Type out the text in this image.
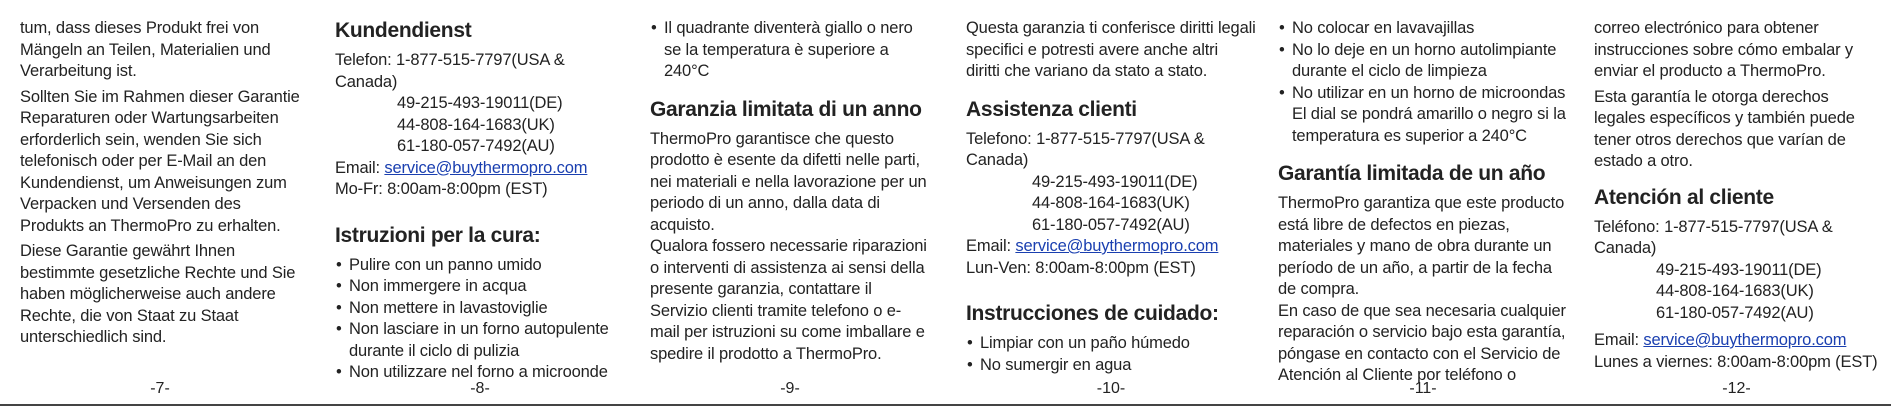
tum, dass dieses Produkt frei von Mängeln an Teilen, Materialien und Verarbeitung ist.

Sollten Sie im Rahmen dieser Garantie Reparaturen oder Wartungsarbeiten erforderlich sein, wenden Sie sich telefonisch oder per E-Mail an den Kundendienst, um Anweisungen zum Verpacken und Versenden des Produkts an ThermoPro zu erhalten.

Diese Garantie gewährt Ihnen bestimmte gesetzliche Rechte und Sie haben möglicherweise auch andere Rechte, die von Staat zu Staat unterschiedlich sind.

-7-
Kundendienst
Telefon: 1-877-515-7797(USA & Canada)
49-215-493-19011(DE)
44-808-164-1683(UK)
61-180-057-7492(AU)
Email: service@buythermopro.com
Mo-Fr: 8:00am-8:00pm (EST)
Istruzioni per la cura:
• Pulire con un panno umido
• Non immergere in acqua
• Non mettere in lavastoviglie
• Non lasciare in un forno autopulente durante il ciclo di pulizia
• Non utilizzare nel forno a microonde
-8-
• Il quadrante diventerà giallo o nero se la temperatura è superiore a 240°C
Garanzia limitata di un anno

ThermoPro garantisce che questo prodotto è esente da difetti nelle parti, nei materiali e nella lavorazione per un periodo di un anno, dalla data di acquisto.

Qualora fossero necessarie riparazioni o interventi di assistenza ai sensi della presente garanzia, contattare il Servizio clienti tramite telefono o e-mail per istruzioni su come imballare e spedire il prodotto a ThermoPro.

-9-

Questa garanzia ti conferisce diritti legali specifici e potresti avere anche altri diritti che variano da stato a stato.

Assistenza clienti
Telefono: 1-877-515-7797(USA & Canada)
49-215-493-19011(DE)
44-808-164-1683(UK)
61-180-057-7492(AU)
Email: service@buythermopro.com
Lun-Ven: 8:00am-8:00pm (EST)
Instrucciones de cuidado:
• Limpiar con un paño húmedo
• No sumergir en agua
-10-
• No colocar en lavavajillas
• No lo deje en un horno autolimpiante durante el ciclo de limpieza
• No utilizar en un horno de microondas El dial se pondrá amarillo o negro si la temperatura es superior a 240°C
Garantía limitada de un año

ThermoPro garantiza que este producto está libre de defectos en piezas, materiales y mano de obra durante un período de un año, a partir de la fecha de compra.

En caso de que sea necesaria cualquier reparación o servicio bajo esta garantía, póngase en contacto con el Servicio de Atención al Cliente por teléfono o

-11-

correo electrónico para obtener instrucciones sobre cómo embalar y enviar el producto a ThermoPro.

Esta garantía le otorga derechos legales específicos y también puede tener otros derechos que varían de estado a otro.

Atención al cliente
Teléfono: 1-877-515-7797(USA & Canada)
49-215-493-19011(DE)
44-808-164-1683(UK)
61-180-057-7492(AU)
Email: service@buythermopro.com
Lunes a viernes: 8:00am-8:00pm (EST)
-12-
